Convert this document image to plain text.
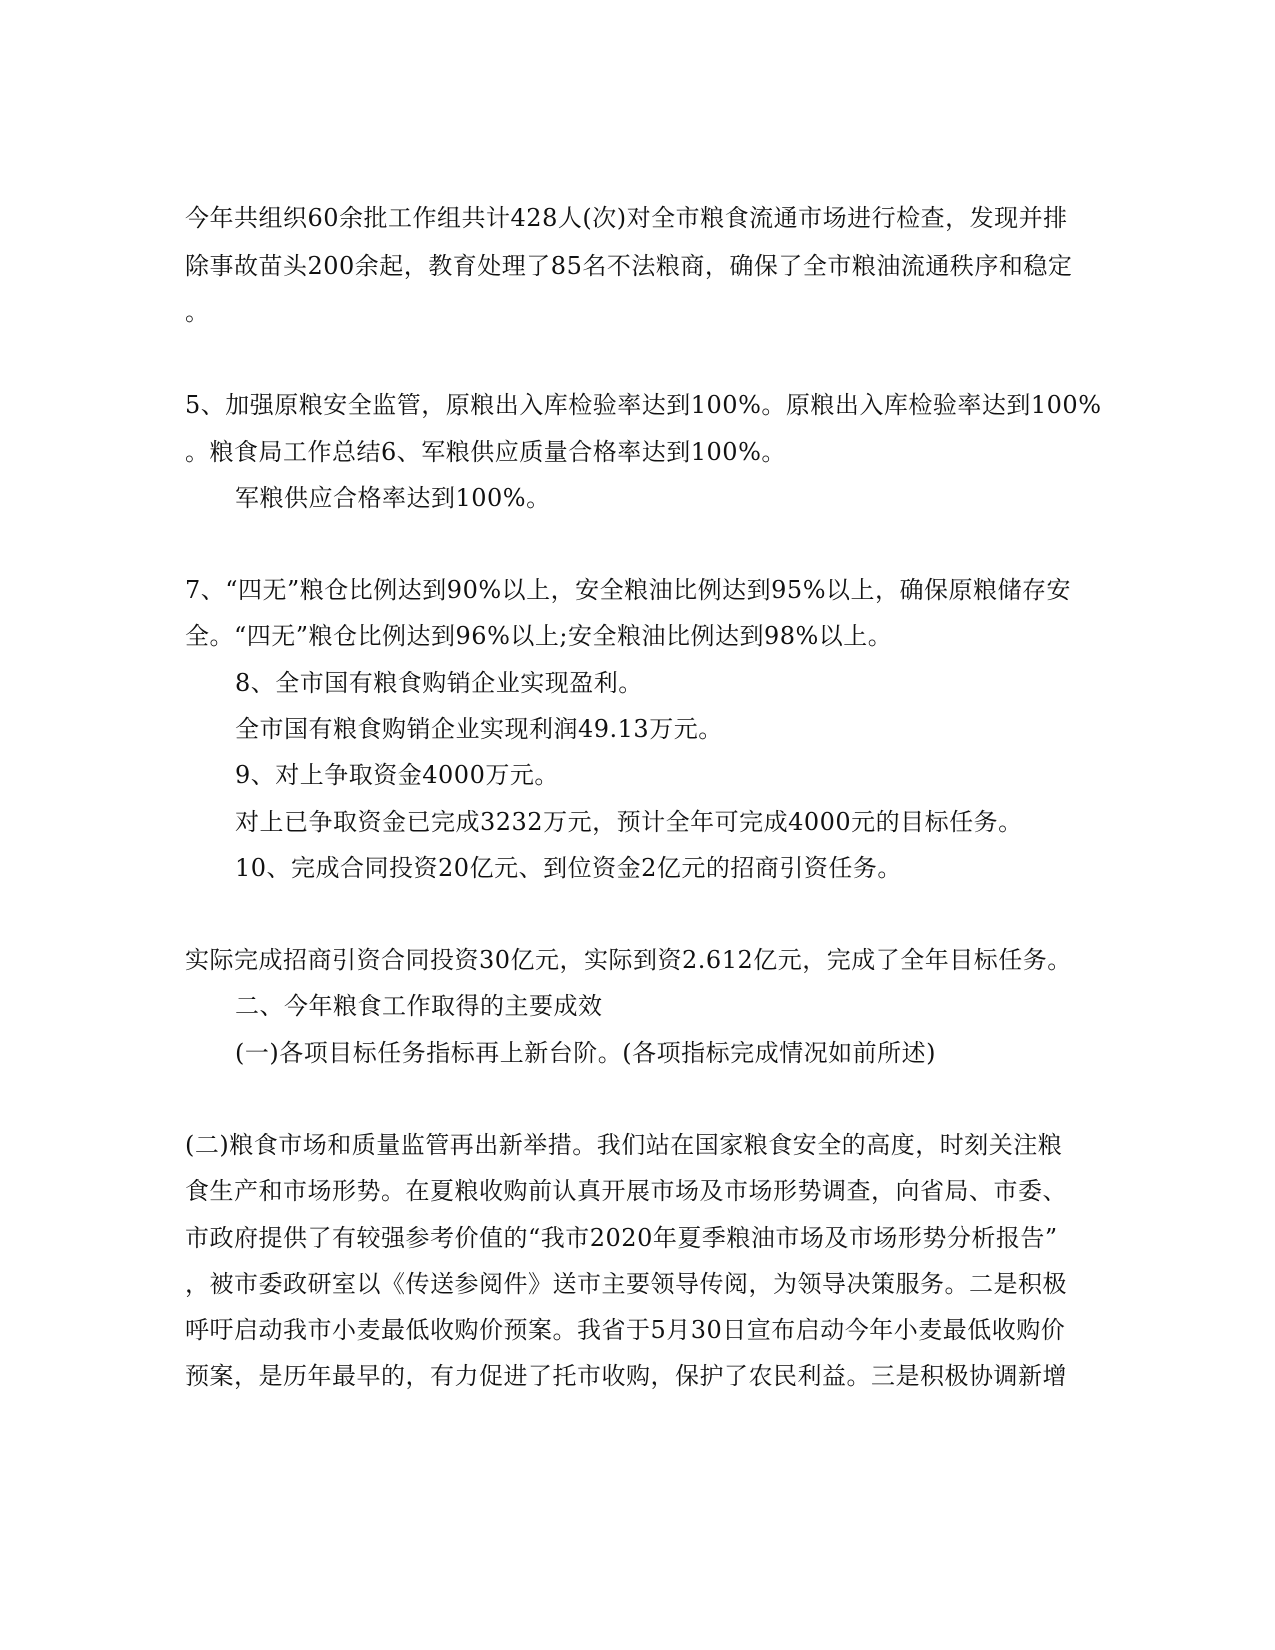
今年共组织60余批工作组共计428人(次)对全市粮食流通市场进行检查，发现并排
除事故苗头200余起，教育处理了85名不法粮商，确保了全市粮油流通秩序和稳定
。
5、加强原粮安全监管，原粮出入库检验率达到100%。原粮出入库检验率达到100%
。粮食局工作总结6、军粮供应质量合格率达到100%。
军粮供应合格率达到100%。
7、“四无”粮仓比例达到90%以上，安全粮油比例达到95%以上，确保原粮储存安
全。“四无”粮仓比例达到96%以上;安全粮油比例达到98%以上。
8、全市国有粮食购销企业实现盈利。
全市国有粮食购销企业实现利润49.13万元。
9、对上争取资金4000万元。
对上已争取资金已完成3232万元，预计全年可完成4000元的目标任务。
10、完成合同投资20亿元、到位资金2亿元的招商引资任务。
实际完成招商引资合同投资30亿元，实际到资2.612亿元，完成了全年目标任务。
二、今年粮食工作取得的主要成效
(一)各项目标任务指标再上新台阶。(各项指标完成情况如前所述)
(二)粮食市场和质量监管再出新举措。我们站在国家粮食安全的高度，时刻关注粮
食生产和市场形势。在夏粮收购前认真开展市场及市场形势调查，向省局、市委、
市政府提供了有较强参考价值的“我市2020年夏季粮油市场及市场形势分析报告”
，被市委政研室以《传送参阅件》送市主要领导传阅，为领导决策服务。二是积极
呼吁启动我市小麦最低收购价预案。我省于5月30日宣布启动今年小麦最低收购价
预案，是历年最早的，有力促进了托市收购，保护了农民利益。三是积极协调新增
